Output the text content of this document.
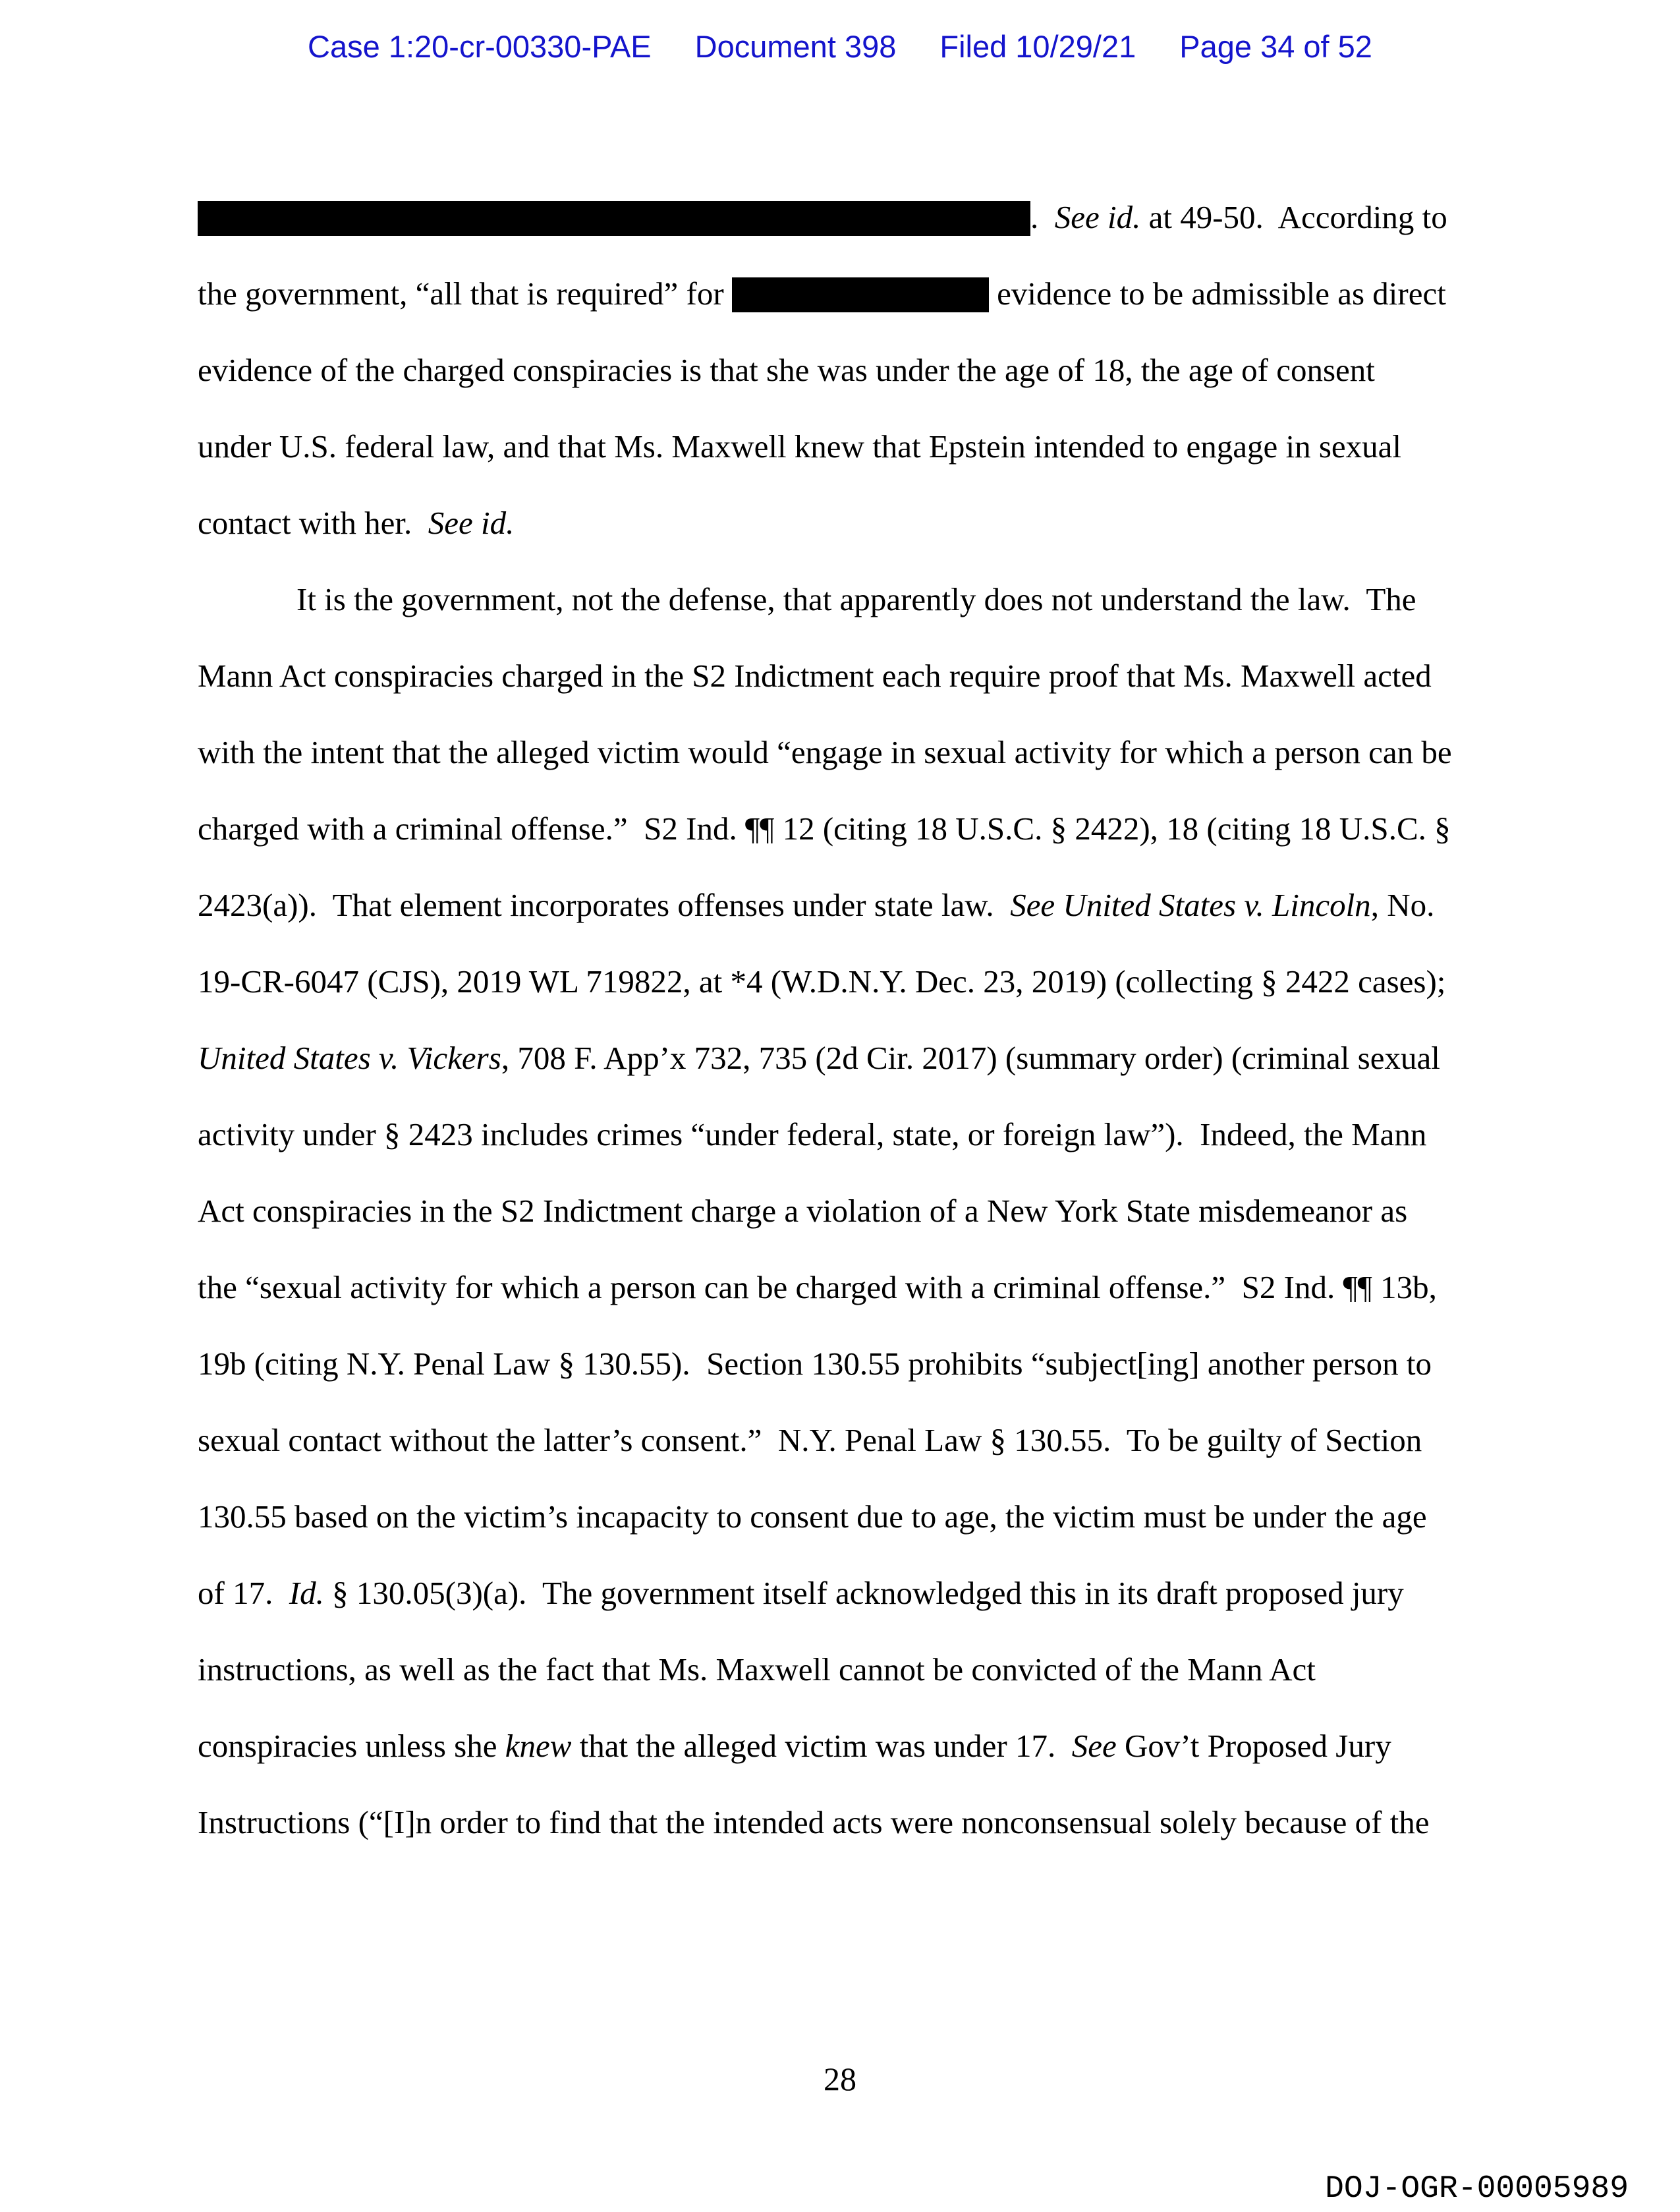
Case 1:20-cr-00330-PAE Document 398 Filed 10/29/21 Page 34 of 52
.  See id. at 49-50.  According to
the government, “all that is required” for	evidence to be admissible as direct
evidence of the charged conspiracies is that she was under the age of 18, the age of consent
under U.S. federal law, and that Ms. Maxwell knew that Epstein intended to engage in sexual
contact with her.  See id.
It is the government, not the defense, that apparently does not understand the law.  The
Mann Act conspiracies charged in the S2 Indictment each require proof that Ms. Maxwell acted
with the intent that the alleged victim would “engage in sexual activity for which a person can be
charged with a criminal offense.”  S2 Ind. ¶¶ 12 (citing 18 U.S.C. § 2422), 18 (citing 18 U.S.C. §
2423(a)).  That element incorporates offenses under state law.  See United States v. Lincoln, No.
19-CR-6047 (CJS), 2019 WL 719822, at *4 (W.D.N.Y. Dec. 23, 2019) (collecting § 2422 cases);
United States v. Vickers, 708 F. App’x 732, 735 (2d Cir. 2017) (summary order) (criminal sexual
activity under § 2423 includes crimes “under federal, state, or foreign law”).  Indeed, the Mann
Act conspiracies in the S2 Indictment charge a violation of a New York State misdemeanor as
the “sexual activity for which a person can be charged with a criminal offense.”  S2 Ind. ¶¶ 13b,
19b (citing N.Y. Penal Law § 130.55).  Section 130.55 prohibits “subject[ing] another person to
sexual contact without the latter’s consent.”  N.Y. Penal Law § 130.55.  To be guilty of Section
130.55 based on the victim’s incapacity to consent due to age, the victim must be under the age
of 17.  Id. § 130.05(3)(a).  The government itself acknowledged this in its draft proposed jury
instructions, as well as the fact that Ms. Maxwell cannot be convicted of the Mann Act
conspiracies unless she knew that the alleged victim was under 17.  See Gov’t Proposed Jury
Instructions (“[I]n order to find that the intended acts were nonconsensual solely because of the
28
DOJ-OGR-00005989
